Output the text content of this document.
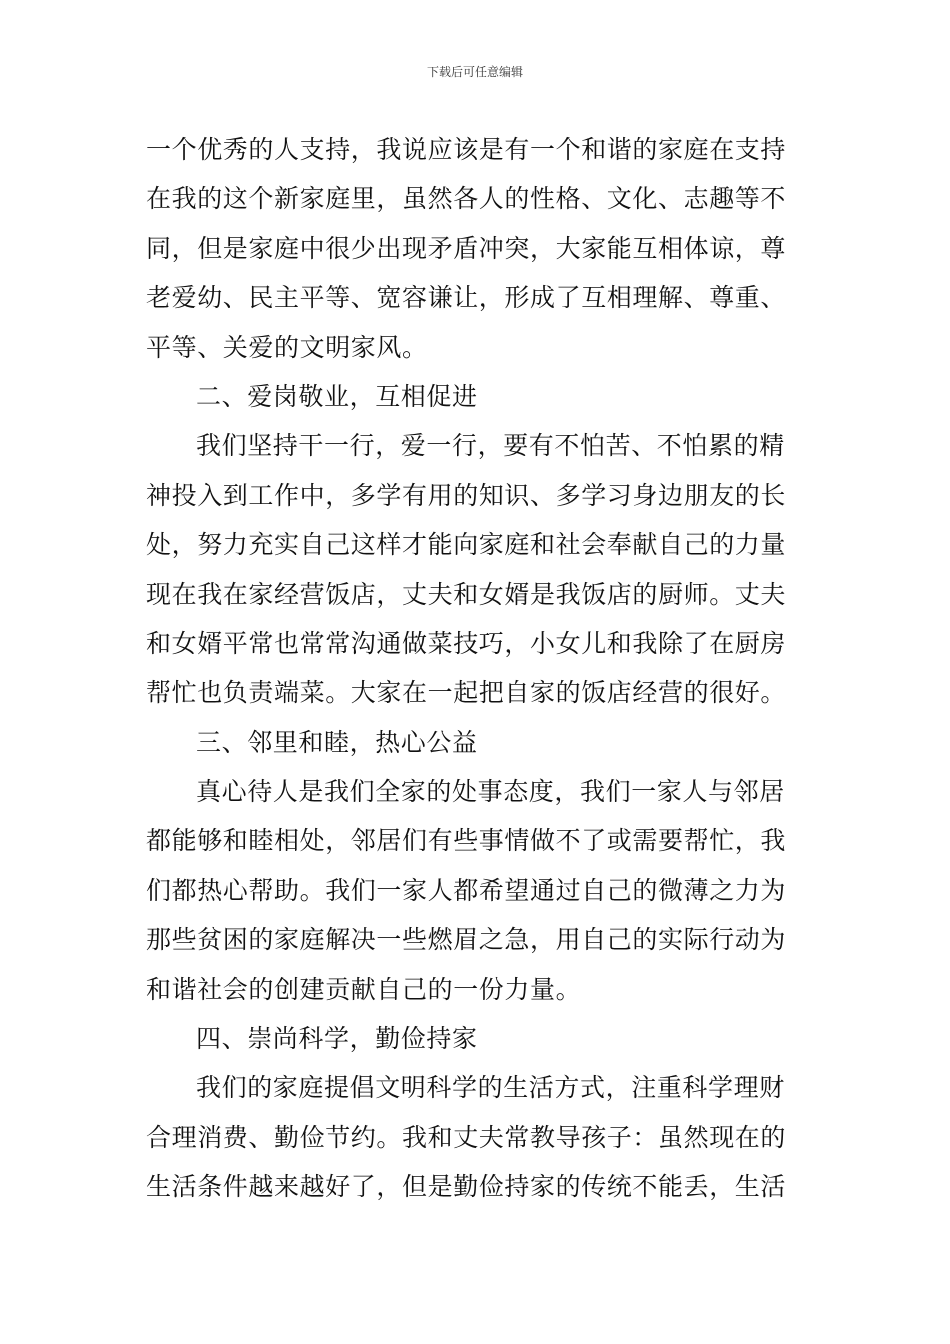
下载后可任意编辑
一个优秀的人支持，我说应该是有一个和谐的家庭在支持
在我的这个新家庭里，虽然各人的性格、文化、志趣等不
同，但是家庭中很少出现矛盾冲突，大家能互相体谅，尊
老爱幼、民主平等、宽容谦让，形成了互相理解、尊重、
平等、关爱的文明家风。
二、爱岗敬业，互相促进
我们坚持干一行，爱一行，要有不怕苦、不怕累的精
神投入到工作中，多学有用的知识、多学习身边朋友的长
处，努力充实自己这样才能向家庭和社会奉献自己的力量
现在我在家经营饭店，丈夫和女婿是我饭店的厨师。丈夫
和女婿平常也常常沟通做菜技巧，小女儿和我除了在厨房
帮忙也负责端菜。大家在一起把自家的饭店经营的很好。
三、邻里和睦，热心公益
真心待人是我们全家的处事态度，我们一家人与邻居
都能够和睦相处，邻居们有些事情做不了或需要帮忙，我
们都热心帮助。我们一家人都希望通过自己的微薄之力为
那些贫困的家庭解决一些燃眉之急，用自己的实际行动为
和谐社会的创建贡献自己的一份力量。
四、崇尚科学，勤俭持家
我们的家庭提倡文明科学的生活方式，注重科学理财
合理消费、勤俭节约。我和丈夫常教导孩子：虽然现在的
生活条件越来越好了，但是勤俭持家的传统不能丢，生活
